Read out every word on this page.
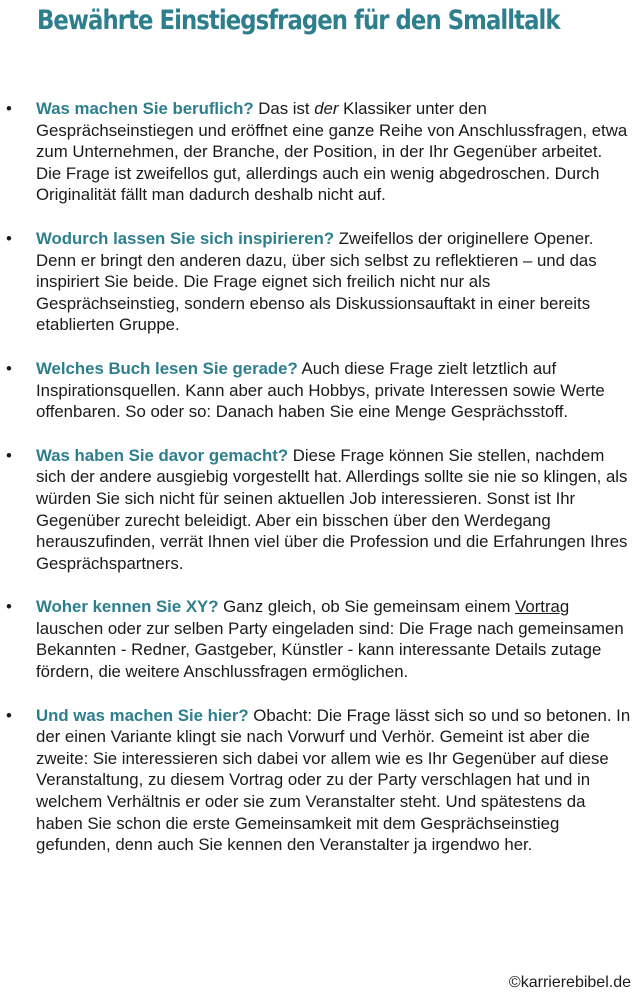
Bewährte Einstiegsfragen für den Smalltalk
• Was machen Sie beruflich? Das ist der Klassiker unter den Gesprächseinstiegen und eröffnet eine ganze Reihe von Anschlussfragen, etwa zum Unternehmen, der Branche, der Position, in der Ihr Gegenüber arbeitet. Die Frage ist zweifellos gut, allerdings auch ein wenig abgedroschen. Durch Originalität fällt man dadurch deshalb nicht auf.
• Wodurch lassen Sie sich inspirieren? Zweifellos der originellere Opener. Denn er bringt den anderen dazu, über sich selbst zu reflektieren – und das inspiriert Sie beide. Die Frage eignet sich freilich nicht nur als Gesprächseinstieg, sondern ebenso als Diskussionsauftakt in einer bereits etablierten Gruppe.
• Welches Buch lesen Sie gerade? Auch diese Frage zielt letztlich auf Inspirationsquellen. Kann aber auch Hobbys, private Interessen sowie Werte offenbaren. So oder so: Danach haben Sie eine Menge Gesprächsstoff.
• Was haben Sie davor gemacht? Diese Frage können Sie stellen, nachdem sich der andere ausgiebig vorgestellt hat. Allerdings sollte sie nie so klingen, als würden Sie sich nicht für seinen aktuellen Job interessieren. Sonst ist Ihr Gegenüber zurecht beleidigt. Aber ein bisschen über den Werdegang herauszufinden, verrät Ihnen viel über die Profession und die Erfahrungen Ihres Gesprächspartners.
• Woher kennen Sie XY? Ganz gleich, ob Sie gemeinsam einem Vortrag lauschen oder zur selben Party eingeladen sind: Die Frage nach gemeinsamen Bekannten - Redner, Gastgeber, Künstler - kann interessante Details zutage fördern, die weitere Anschlussfragen ermöglichen.
• Und was machen Sie hier? Obacht: Die Frage lässt sich so und so betonen. In der einen Variante klingt sie nach Vorwurf und Verhör. Gemeint ist aber die zweite: Sie interessieren sich dabei vor allem wie es Ihr Gegenüber auf diese Veranstaltung, zu diesem Vortrag oder zu der Party verschlagen hat und in welchem Verhältnis er oder sie zum Veranstalter steht. Und spätestens da haben Sie schon die erste Gemeinsamkeit mit dem Gesprächseinstieg gefunden, denn auch Sie kennen den Veranstalter ja irgendwo her.
©karrierebibel.de
